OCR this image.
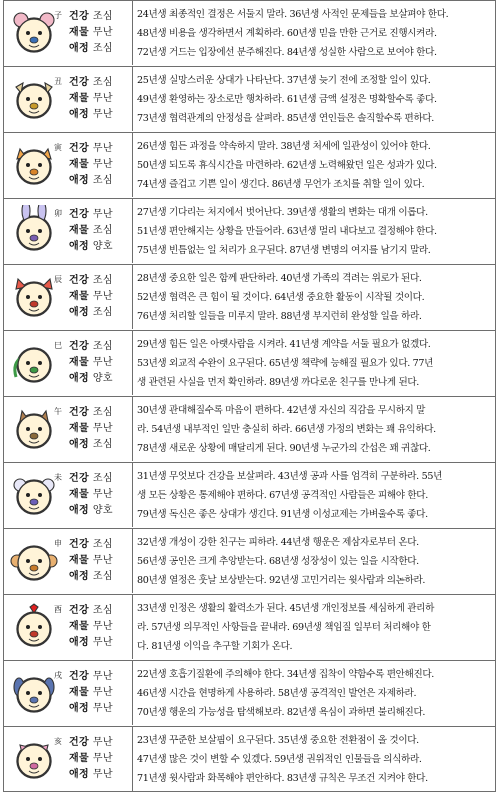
子 건강 조심
재물 무난
애정 조심
24년생 최종적인 결정은 서둘지 말라. 36년생 사적인 문제들을 보살펴야 한다.
48년생 비용을 생각하면서 계획하라. 60년생 믿을 만한 근거로 진행시켜라.
72년생 거드는 입장에선 분주해진다. 84년생 성실한 사람으로 보여야 한다.
丑 건강 조심
재물 무난
애정 무난
25년생 실망스러운 상대가 나타난다. 37년생 늦기 전에 조정할 일이 있다.
49년생 환영하는 장소로만 행차하라. 61년생 금액 설정은 명확할수록 좋다.
73년생 협력관계의 안정성을 살펴라. 85년생 연인들은 솔직할수록 편하다.
寅 건강 무난
재물 무난
애정 조심
26년생 힘든 과정을 약속하지 말라. 38년생 처세에 일관성이 있어야 한다.
50년생 되도록 휴식시간을 마련하라. 62년생 노력해왔던 일은 성과가 있다.
74년생 즐겁고 기쁜 일이 생긴다. 86년생 무언가 조치를 취할 일이 있다.
卯 건강 무난
재물 조심
애정 양호
27년생 기다리는 처지에서 벗어난다. 39년생 생활의 변화는 대개 이롭다.
51년생 편안해지는 상황을 만들어라. 63년생 멀리 내다보고 결정해야 한다.
75년생 빈틈없는 일 처리가 요구된다. 87년생 변명의 여지를 남기지 말라.
辰 건강 조심
재물 무난
애정 조심
28년생 중요한 일은 함께 판단하라. 40년생 가족의 격려는 위로가 된다.
52년생 협력은 큰 힘이 될 것이다. 64년생 중요한 활동이 시작될 것이다.
76년생 처리할 일들을 미루지 말라. 88년생 부지런히 완성할 일을 하라.
巳 건강 조심
재물 무난
애정 양호
29년생 힘든 일은 아랫사람을 시켜라. 41년생 계약을 서둘 필요가 없겠다.
53년생 외교적 수완이 요구된다. 65년생 책략에 능해질 필요가 있다. 77년
생 관련된 사실을 먼저 확인하라. 89년생 까다로운 친구를 만나게 된다.
午 건강 조심
재물 무난
애정 조심
30년생 관대해질수록 마음이 편하다. 42년생 자신의 직감을 무시하지 말
라. 54년생 내부적인 일만 충실히 하라. 66년생 가정의 변화는 꽤 유익하다.
78년생 새로운 상황에 매달리게 된다. 90년생 누군가의 간섭은 꽤 귀찮다.
未 건강 조심
재물 무난
애정 양호
31년생 무엇보다 건강을 보살펴라. 43년생 공과 사를 엄격히 구분하라. 55년
생 모든 상황은 통제해야 편하다. 67년생 공격적인 사람들은 피해야 한다.
79년생 독신은 좋은 상대가 생긴다. 91년생 이성교제는 가벼울수록 좋다.
申 건강 조심
재물 무난
애정 조심
32년생 개성이 강한 친구는 피하라. 44년생 행운은 제삼자로부터 온다.
56년생 공인은 크게 추앙받는다. 68년생 성장성이 있는 일을 시작한다.
80년생 열정은 훗날 보상받는다. 92년생 고민거리는 윗사람과 의논하라.
酉 건강 조심
재물 무난
애정 무난
33년생 인정은 생활의 활력소가 된다. 45년생 개인정보를 세심하게 관리하
라. 57년생 의무적인 사항들을 끝내라. 69년생 책임질 일부터 처리해야 한
다. 81년생 이익을 추구할 기회가 온다.
戌 건강 무난
재물 무난
애정 무난
22년생 호흡기질환에 주의해야 한다. 34년생 집착이 약함수록 편안해진다.
46년생 시간을 현명하게 사용하라. 58년생 공격적인 발언은 자제하라.
70년생 행운의 가능성을 탐색해보라. 82년생 욕심이 과하면 불리해진다.
亥 건강 무난
재물 무난
애정 무난
23년생 꾸준한 보살핌이 요구된다. 35년생 중요한 전환점이 올 것이다.
47년생 많은 것이 변할 수 있겠다. 59년생 권위적인 인물들을 의식하라.
71년생 윗사람과 화목해야 편안하다. 83년생 규칙은 무조건 지켜야 한다.
